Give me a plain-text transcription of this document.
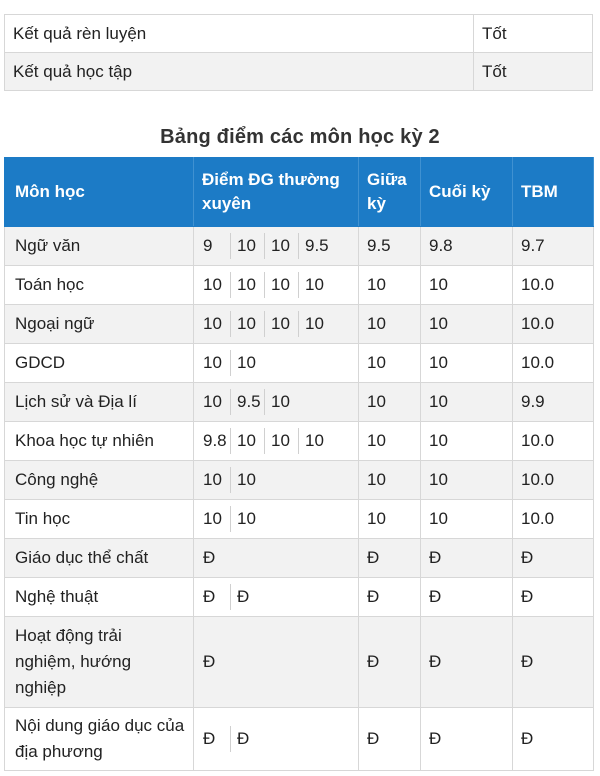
Kết quả rèn luyện	Tốt
Kết quả học tập	Tốt
Bảng điểm các môn học kỳ 2
Môn học	Điểm ĐG thường xuyên	Giữa kỳ	Cuối kỳ	TBM
Ngữ văn	9 10 10 9.5	9.5	9.8	9.7
Toán học	10 10 10 10	10	10	10.0
Ngoại ngữ	10 10 10 10	10	10	10.0
GDCD	10 10	10	10	10.0
Lịch sử và Địa lí	10 9.5 10	10	10	9.9
Khoa học tự nhiên	9.8 10 10 10	10	10	10.0
Công nghệ	10 10	10	10	10.0
Tin học	10 10	10	10	10.0
Giáo dục thể chất	Đ	Đ	Đ	Đ
Nghệ thuật	Đ Đ	Đ	Đ	Đ
Hoạt động trải nghiệm, hướng nghiệp	Đ	Đ	Đ	Đ
Nội dung giáo dục của địa phương	Đ Đ	Đ	Đ	Đ
